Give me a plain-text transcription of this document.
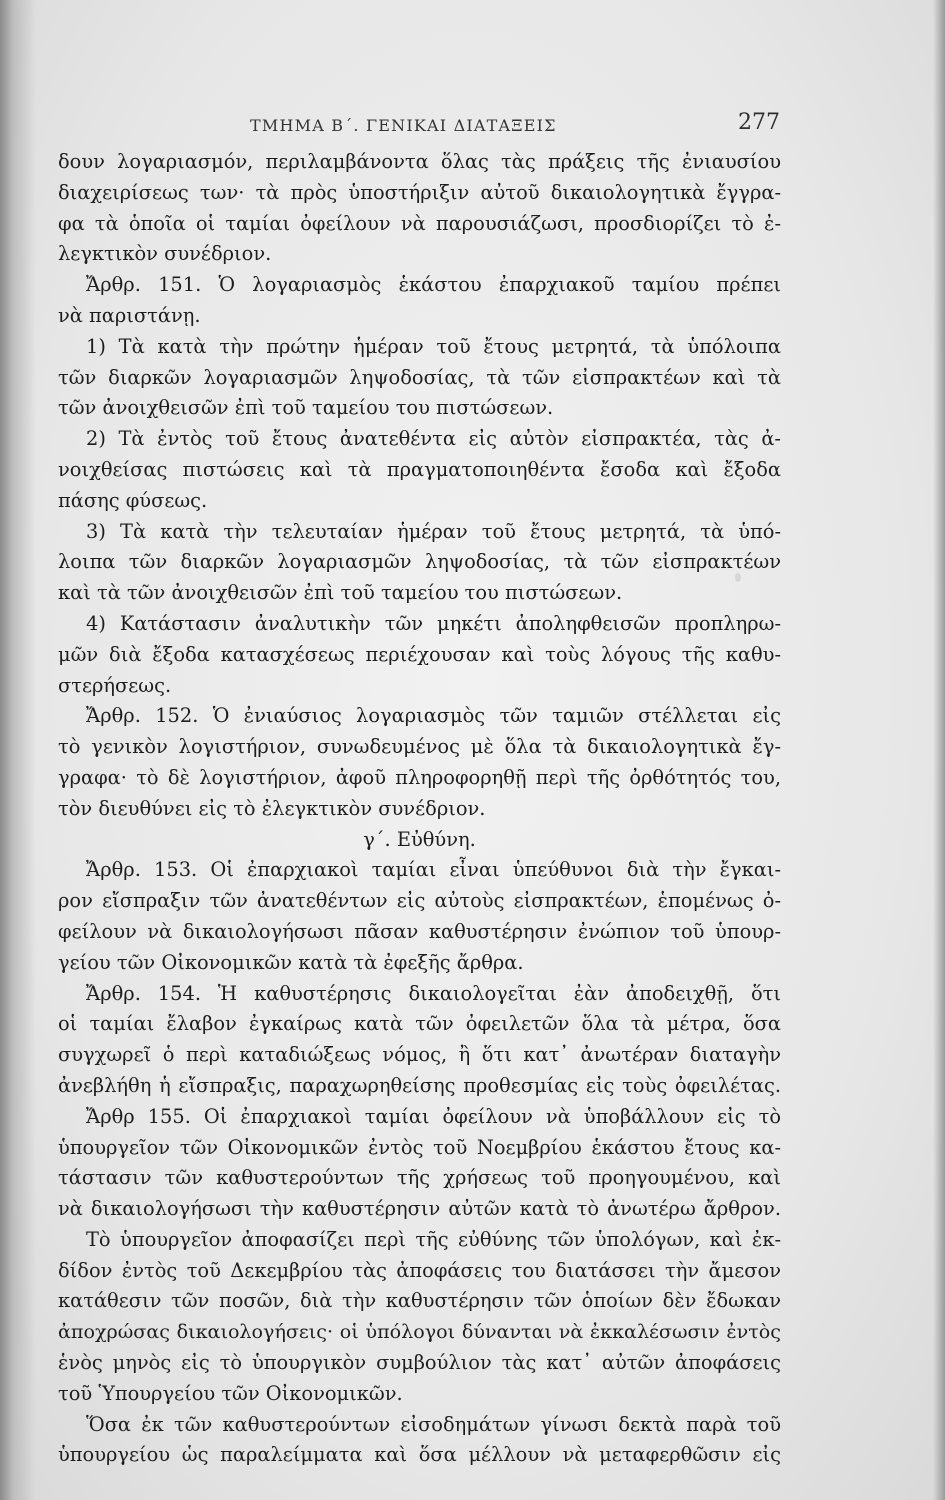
ΤΜΗΜΑ Β΄. ΓΕΝΙΚΑΙ ΔΙΑΤΑΞΕΙΣ	277
δουν λογαριασμόν, περιλαμβάνοντα ὅλας τὰς πράξεις τῆς ἐνιαυσίου
διαχειρίσεως των· τὰ πρὸς ὑποστήριξιν αὐτοῦ δικαιολογητικὰ ἔγγρα-
φα τὰ ὁποῖα οἱ ταμίαι ὀφείλουν νὰ παρουσιάζωσι, προσδιορίζει τὸ ἐ-
λεγκτικὸν συνέδριον.
Ἄρθρ. 151. Ὁ λογαριασμὸς ἑκάστου ἐπαρχιακοῦ ταμίου πρέπει
νὰ παριστάνῃ.
1) Τὰ κατὰ τὴν πρώτην ἡμέραν τοῦ ἔτους μετρητά, τὰ ὑπόλοιπα
τῶν διαρκῶν λογαριασμῶν ληψοδοσίας, τὰ τῶν εἰσπρακτέων καὶ τὰ
τῶν ἀνοιχθεισῶν ἐπὶ τοῦ ταμείου του πιστώσεων.
2) Τὰ ἐντὸς τοῦ ἔτους ἀνατεθέντα εἰς αὐτὸν εἰσπρακτέα, τὰς ἀ-
νοιχθείσας πιστώσεις καὶ τὰ πραγματοποιηθέντα ἔσοδα καὶ ἔξοδα
πάσης φύσεως.
3) Τὰ κατὰ τὴν τελευταίαν ἡμέραν τοῦ ἔτους μετρητά, τὰ ὑπό-
λοιπα τῶν διαρκῶν λογαριασμῶν ληψοδοσίας, τὰ τῶν εἰσπρακτέων
καὶ τὰ τῶν ἀνοιχθεισῶν ἐπὶ τοῦ ταμείου του πιστώσεων.
4) Κατάστασιν ἀναλυτικὴν τῶν μηκέτι ἀποληφθεισῶν προπληρω-
μῶν διὰ ἔξοδα κατασχέσεως περιέχουσαν καὶ τοὺς λόγους τῆς καθυ-
στερήσεως.
Ἄρθρ. 152. Ὁ ἐνιαύσιος λογαριασμὸς τῶν ταμιῶν στέλλεται εἰς
τὸ γενικὸν λογιστήριον, συνωδευμένος μὲ ὅλα τὰ δικαιολογητικὰ ἔγ-
γραφα· τὸ δὲ λογιστήριον, ἀφοῦ πληροφορηθῇ περὶ τῆς ὀρθότητός του,
τὸν διευθύνει εἰς τὸ ἐλεγκτικὸν συνέδριον.
γ΄. Εὐθύνη.
Ἄρθρ. 153. Οἱ ἐπαρχιακοὶ ταμίαι εἶναι ὑπεύθυνοι διὰ τὴν ἔγκαι-
ρον εἴσπραξιν τῶν ἀνατεθέντων εἰς αὐτοὺς εἰσπρακτέων, ἑπομένως ὀ-
φείλουν νὰ δικαιολογήσωσι πᾶσαν καθυστέρησιν ἐνώπιον τοῦ ὑπουρ-
γείου τῶν Οἰκονομικῶν κατὰ τὰ ἐφεξῆς ἄρθρα.
Ἄρθρ. 154. Ἡ καθυστέρησις δικαιολογεῖται ἐὰν ἀποδειχθῇ, ὅτι
οἱ ταμίαι ἔλαβον ἐγκαίρως κατὰ τῶν ὀφειλετῶν ὅλα τὰ μέτρα, ὅσα
συγχωρεῖ ὁ περὶ καταδιώξεως νόμος, ἢ ὅτι κατ᾽ ἀνωτέραν διαταγὴν
ἀνεβλήθη ἡ εἴσπραξις, παραχωρηθείσης προθεσμίας εἰς τοὺς ὀφειλέτας.
Ἄρθρ 155. Οἱ ἐπαρχιακοὶ ταμίαι ὀφείλουν νὰ ὑποβάλλουν εἰς τὸ
ὑπουργεῖον τῶν Οἰκονομικῶν ἐντὸς τοῦ Νοεμβρίου ἑκάστου ἔτους κα-
τάστασιν τῶν καθυστερούντων τῆς χρήσεως τοῦ προηγουμένου, καὶ
νὰ δικαιολογήσωσι τὴν καθυστέρησιν αὐτῶν κατὰ τὸ ἀνωτέρω ἄρθρον.
Τὸ ὑπουργεῖον ἀποφασίζει περὶ τῆς εὐθύνης τῶν ὑπολόγων, καὶ ἐκ-
δίδον ἐντὸς τοῦ Δεκεμβρίου τὰς ἀποφάσεις του διατάσσει τὴν ἄμεσον
κατάθεσιν τῶν ποσῶν, διὰ τὴν καθυστέρησιν τῶν ὁποίων δὲν ἔδωκαν
ἀποχρώσας δικαιολογήσεις· οἱ ὑπόλογοι δύνανται νὰ ἐκκαλέσωσιν ἐντὸς
ἑνὸς μηνὸς εἰς τὸ ὑπουργικὸν συμβούλιον τὰς κατ᾽ αὐτῶν ἀποφάσεις
τοῦ Ὑπουργείου τῶν Οἰκονομικῶν.
Ὅσα ἐκ τῶν καθυστερούντων εἰσοδημάτων γίνωσι δεκτὰ παρὰ τοῦ
ὑπουργείου ὡς παραλείμματα καὶ ὅσα μέλλουν νὰ μεταφερθῶσιν εἰς
